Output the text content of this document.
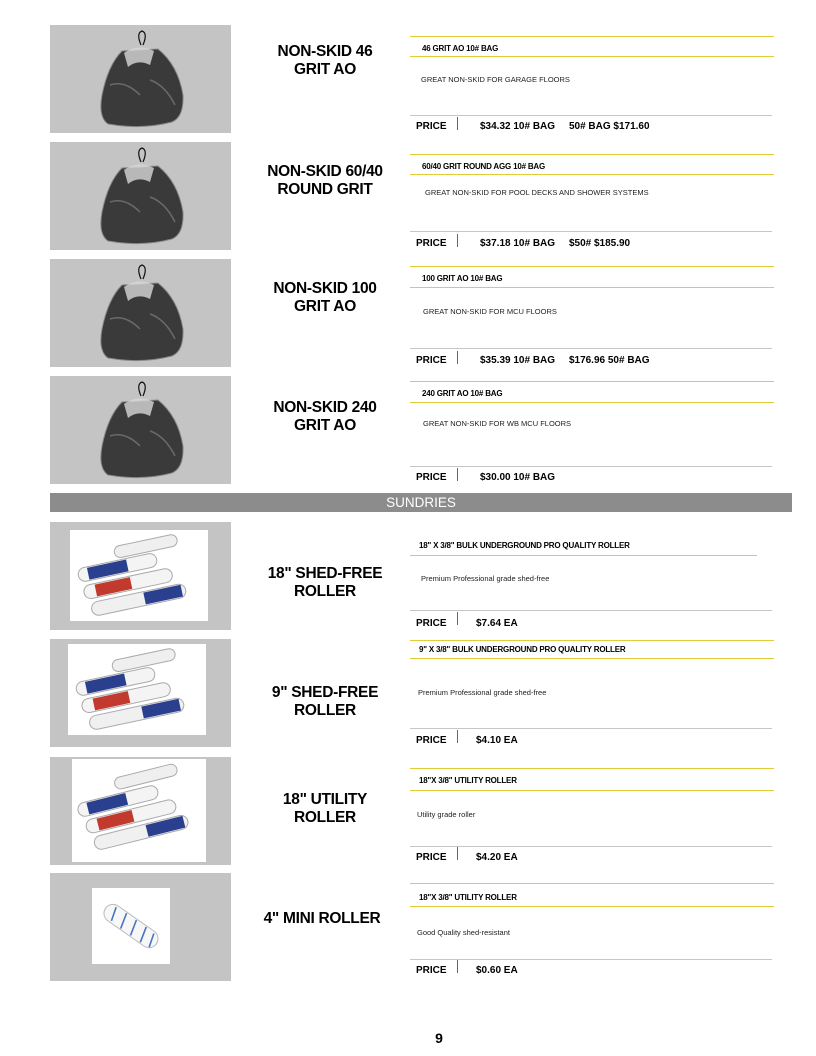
NON-SKID 46 GRIT AO
46 GRIT AO 10# BAG
GREAT NON-SKID FOR GARAGE FLOORS
PRICE	$34.32 10# BAG     50# BAG $171.60
NON-SKID 60/40 ROUND GRIT
60/40 GRIT ROUND AGG 10# BAG
GREAT NON-SKID FOR POOL DECKS AND SHOWER SYSTEMS
PRICE	$37.18 10# BAG     $50# $185.90
NON-SKID 100 GRIT AO
100 GRIT AO 10# BAG
GREAT NON-SKID FOR MCU FLOORS
PRICE	$35.39 10# BAG     $176.96 50# BAG
NON-SKID 240 GRIT AO
240 GRIT AO 10# BAG
GREAT NON-SKID FOR WB MCU FLOORS
PRICE	$30.00 10# BAG
SUNDRIES
18" SHED-FREE ROLLER
18" X 3/8" BULK UNDERGROUND PRO QUALITY ROLLER
Premium Professional grade shed-free
PRICE	$7.64 EA
9" SHED-FREE ROLLER
9" X 3/8" BULK UNDERGROUND PRO QUALITY ROLLER
Premium Professional grade shed-free
PRICE	$4.10 EA
18" UTILITY ROLLER
18"X 3/8" UTILITY ROLLER
Utility grade roller
PRICE	$4.20 EA
4" MINI ROLLER
18"X 3/8" UTILITY ROLLER
Good Quality shed-resistant
PRICE	$0.60 EA
9
